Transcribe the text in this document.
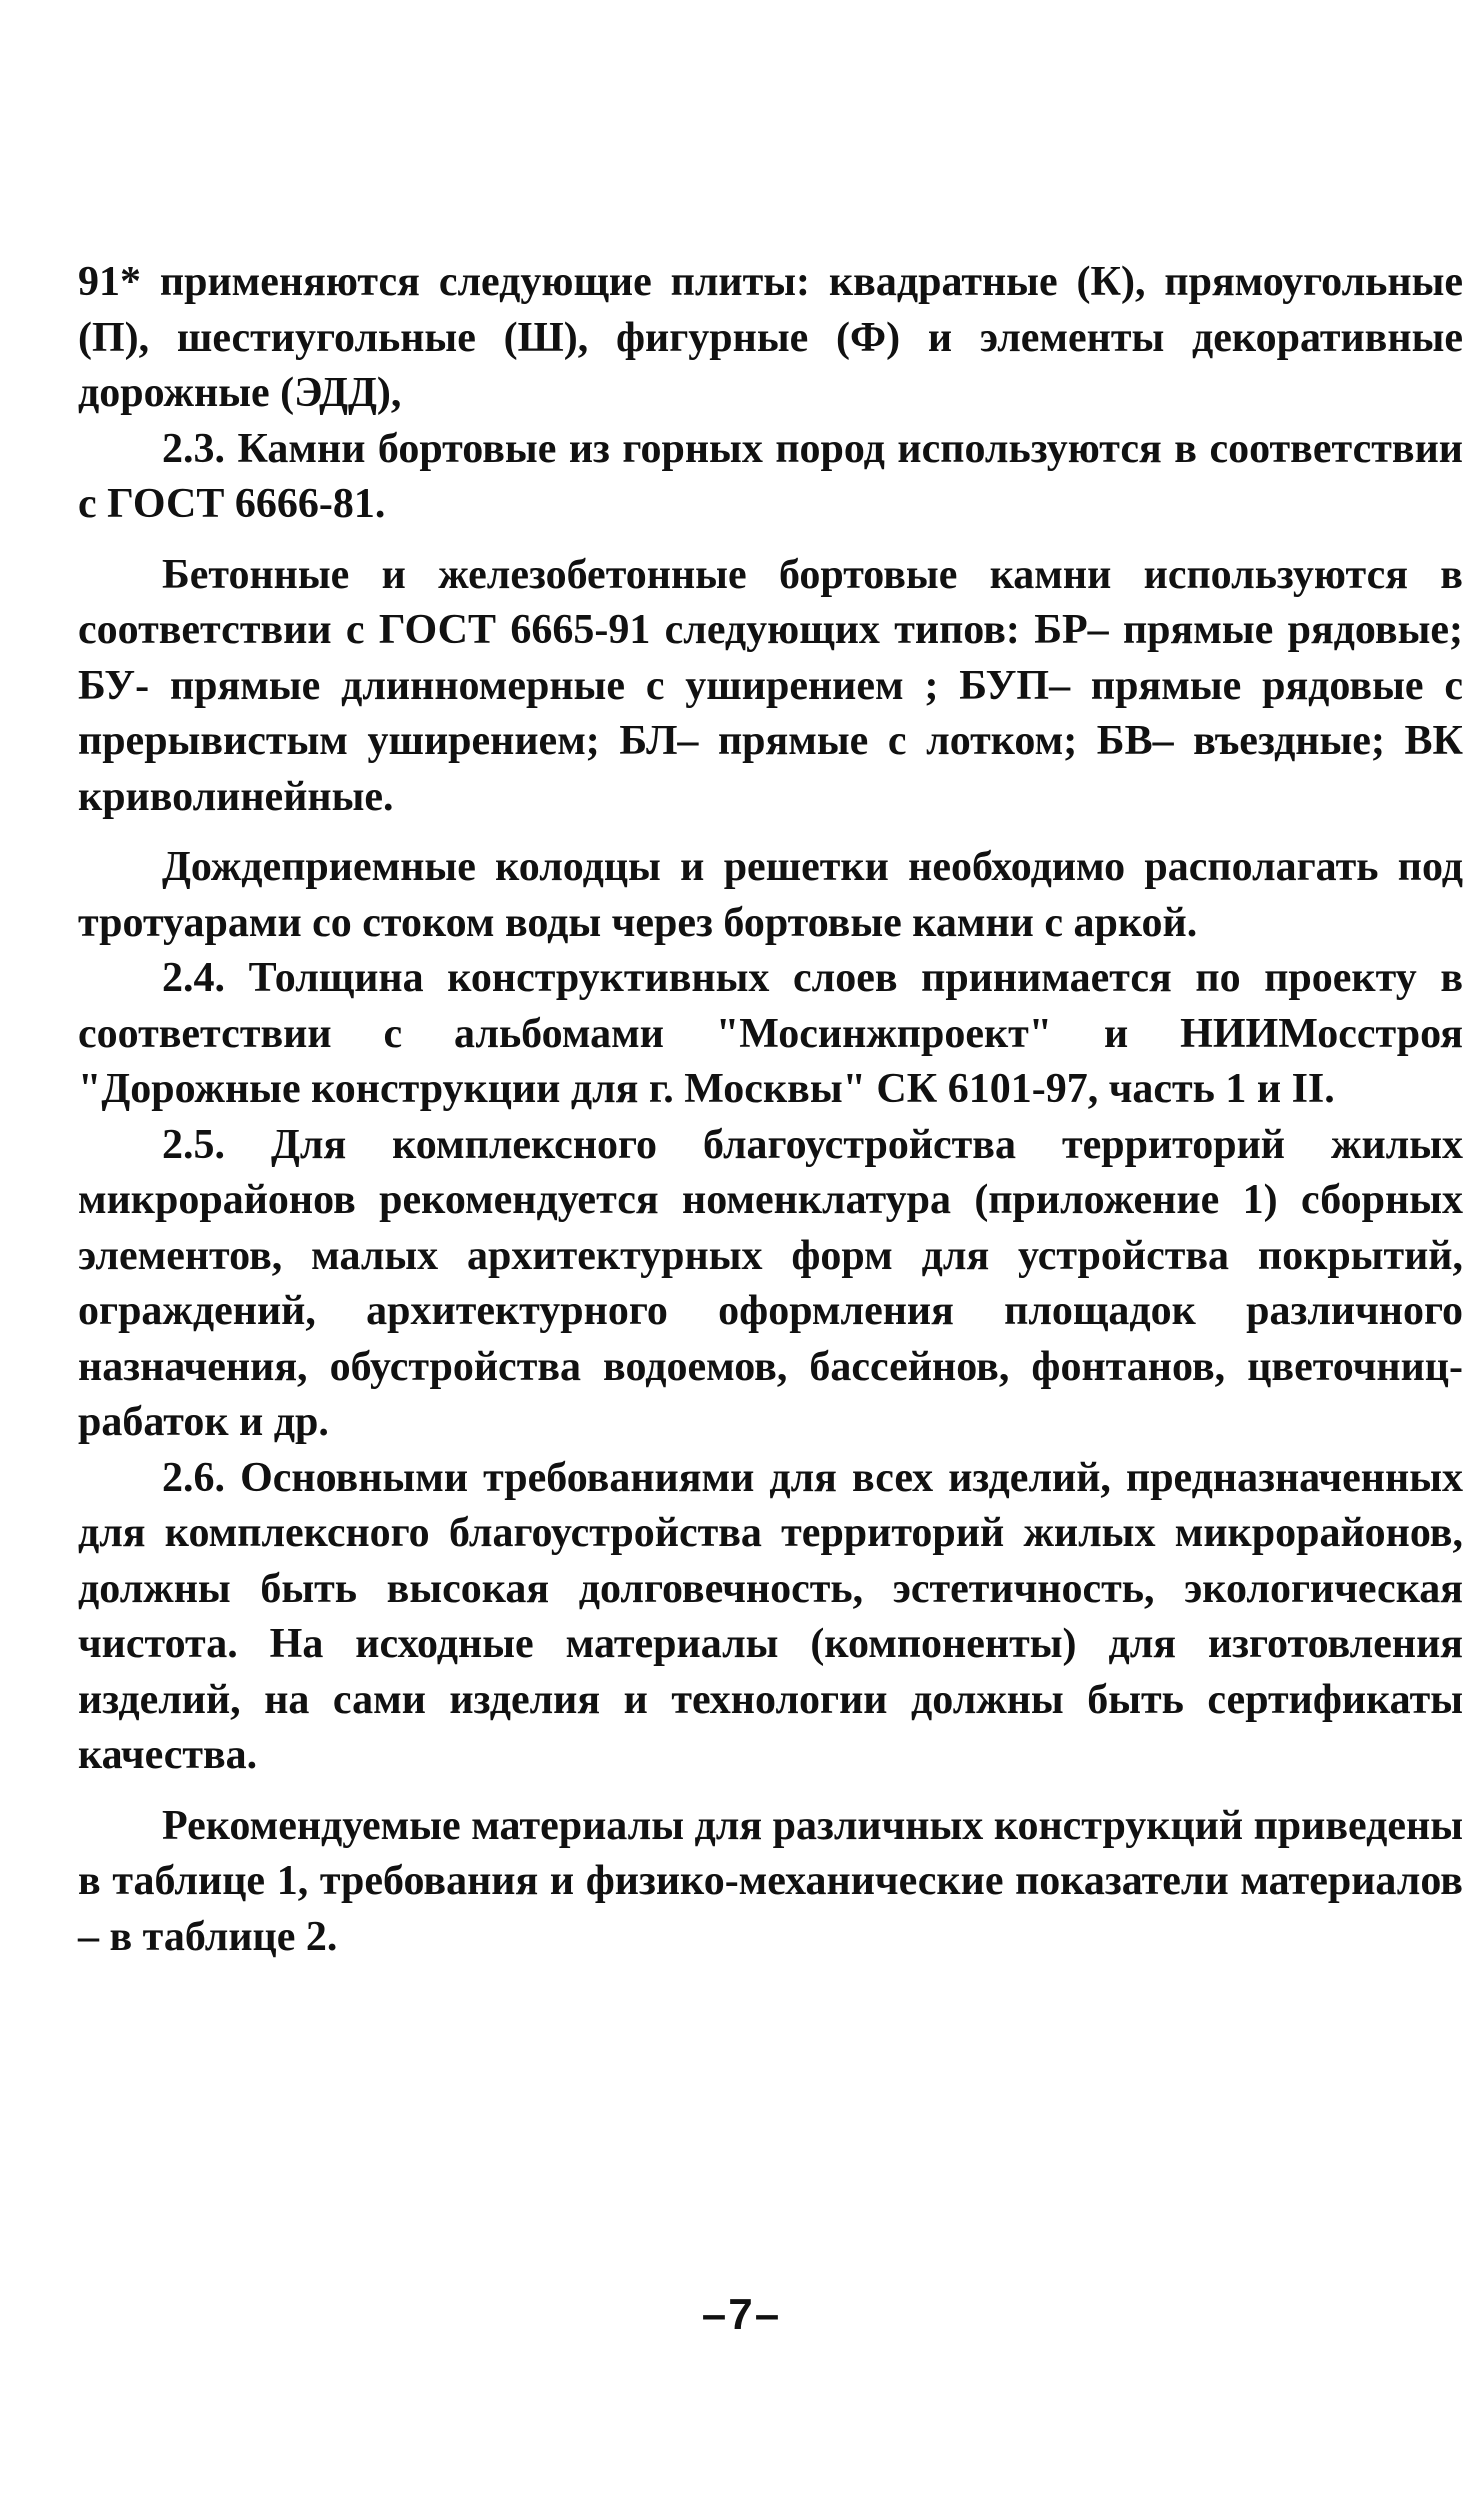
91* применяются следующие плиты: квадратные (К), прямоугольные (П), шестиугольные (Ш), фигурные (Ф) и элементы декоративные дорожные (ЭДД),

2.3. Камни бортовые из горных пород используются в соответствии с ГОСТ 6666-81.

Бетонные и железобетонные бортовые камни используются в соответствии с ГОСТ 6665-91 следующих типов: БР– прямые рядовые; БУ- прямые длинномерные с уширением ; БУП– прямые рядовые с прерывистым уширением; БЛ– прямые с лотком; БВ– въездные; ВК криволинейные.

Дождеприемные колодцы и решетки необходимо располагать под тротуарами со стоком воды через бортовые камни с аркой.

2.4. Толщина конструктивных слоев принимается по проекту в соответствии с альбомами "Мосинжпроект" и НИИМосстроя "Дорожные конструкции для г. Москвы" СК 6101-97, часть 1 и II.

2.5. Для комплексного благоустройства территорий жилых микрорайонов рекомендуется номенклатура (приложение 1) сборных элементов, малых архитектурных форм для устройства покрытий, ограждений, архитектурного оформления площадок различного назначения, обустройства водоемов, бассейнов, фонтанов, цветочниц-рабаток и др.

2.6. Основными требованиями для всех изделий, предназначенных для комплексного благоустройства территорий жилых микрорайонов, должны быть высокая долговечность, эстетичность, экологическая чистота. На исходные материалы (компоненты) для изготовления изделий, на сами изделия и технологии должны быть сертификаты качества.

Рекомендуемые материалы для различных конструкций приведены в таблице 1, требования и физико-механические показатели материалов – в таблице 2.

–7–
